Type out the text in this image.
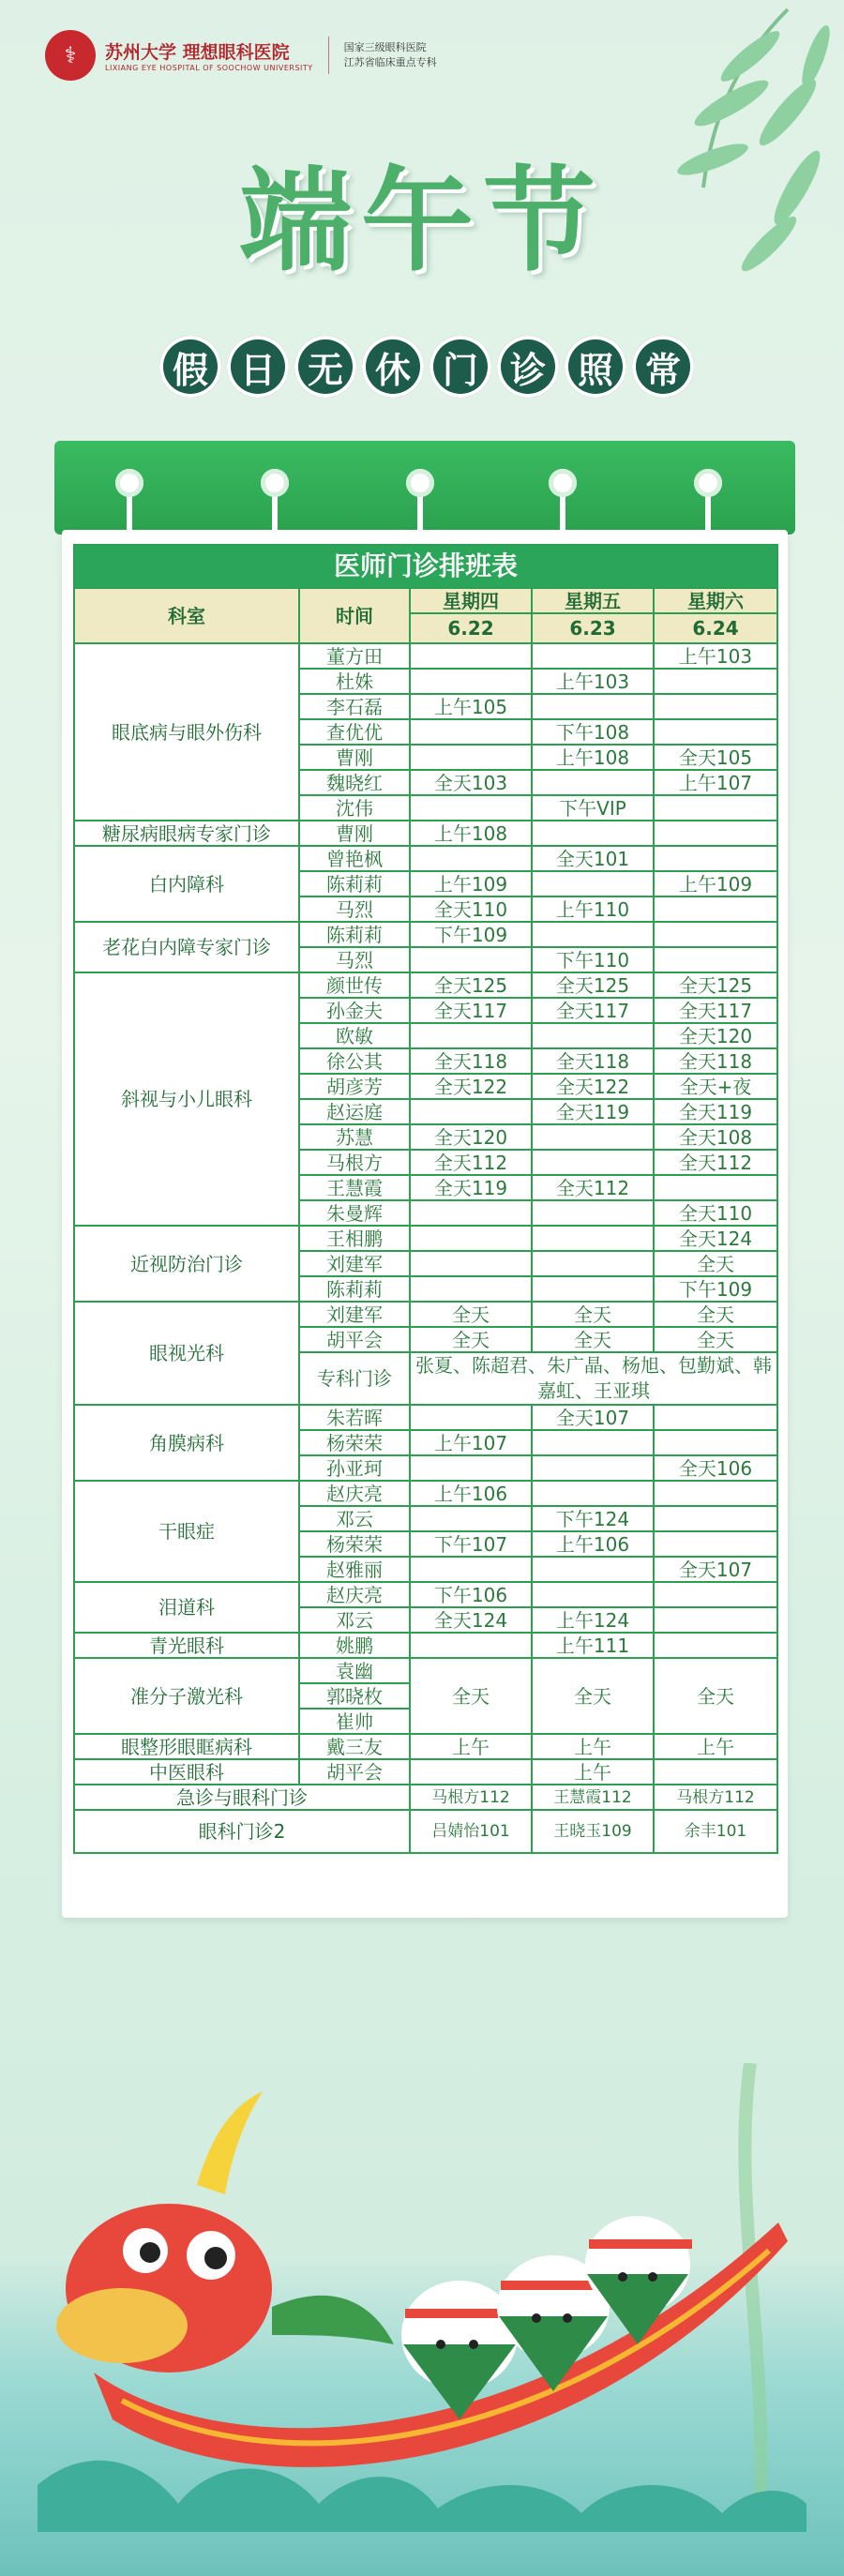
⚕	苏州大学 理想眼科医院
LIXIANG EYE HOSPITAL OF SOOCHOW UNIVERSITY
国家三级眼科医院
江苏省临床重点专科
端午节
假 日 无 休 门 诊 照 常
医师门诊排班表				
科室	时间	星期四	星期五	星期六
		6.22	6.23	6.24
眼底病与眼外伤科	董方田			上午103
	杜姝		上午103	
	李石磊	上午105		
	查优优		下午108	
	曹刚		上午108	全天105
	魏晓红	全天103		上午107
	沈伟		下午VIP	
糖尿病眼病专家门诊	曹刚	上午108		
白内障科	曾艳枫		全天101	
	陈莉莉	上午109		上午109
	马烈	全天110	上午110	
老花白内障专家门诊	陈莉莉	下午109		
	马烈		下午110	
斜视与小儿眼科	颜世传	全天125	全天125	全天125
	孙金夫	全天117	全天117	全天117
	欧敏			全天120
	徐公其	全天118	全天118	全天118
	胡彦芳	全天122	全天122	全天+夜
	赵运庭		全天119	全天119
	苏慧	全天120		全天108
	马根方	全天112		全天112
	王慧霞	全天119	全天112	
	朱曼辉			全天110
近视防治门诊	王相鹏			全天124
	刘建军			全天
	陈莉莉			下午109
眼视光科	刘建军	全天	全天	全天
	胡平会	全天	全天	全天
	专科门诊	张夏、陈超君、朱广晶、杨旭、包勤斌、韩嘉虹、王亚琪		
角膜病科	朱若晖		全天107	
	杨荣荣	上午107		
	孙亚珂			全天106
干眼症	赵庆亮	上午106		
	邓云		下午124	
	杨荣荣	下午107	上午106	
	赵雅丽			全天107
泪道科	赵庆亮	下午106		
	邓云	全天124	上午124	
青光眼科	姚鹏		上午111	
准分子激光科	袁幽	全天	全天	全天
	郭晓枚			
	崔帅			
眼整形眼眶病科	戴三友	上午	上午	上午
中医眼科	胡平会		上午	
急诊与眼科门诊		马根方112	王慧霞112	马根方112
眼科门诊2		吕婧怡101	王晓玉109	余丰101
